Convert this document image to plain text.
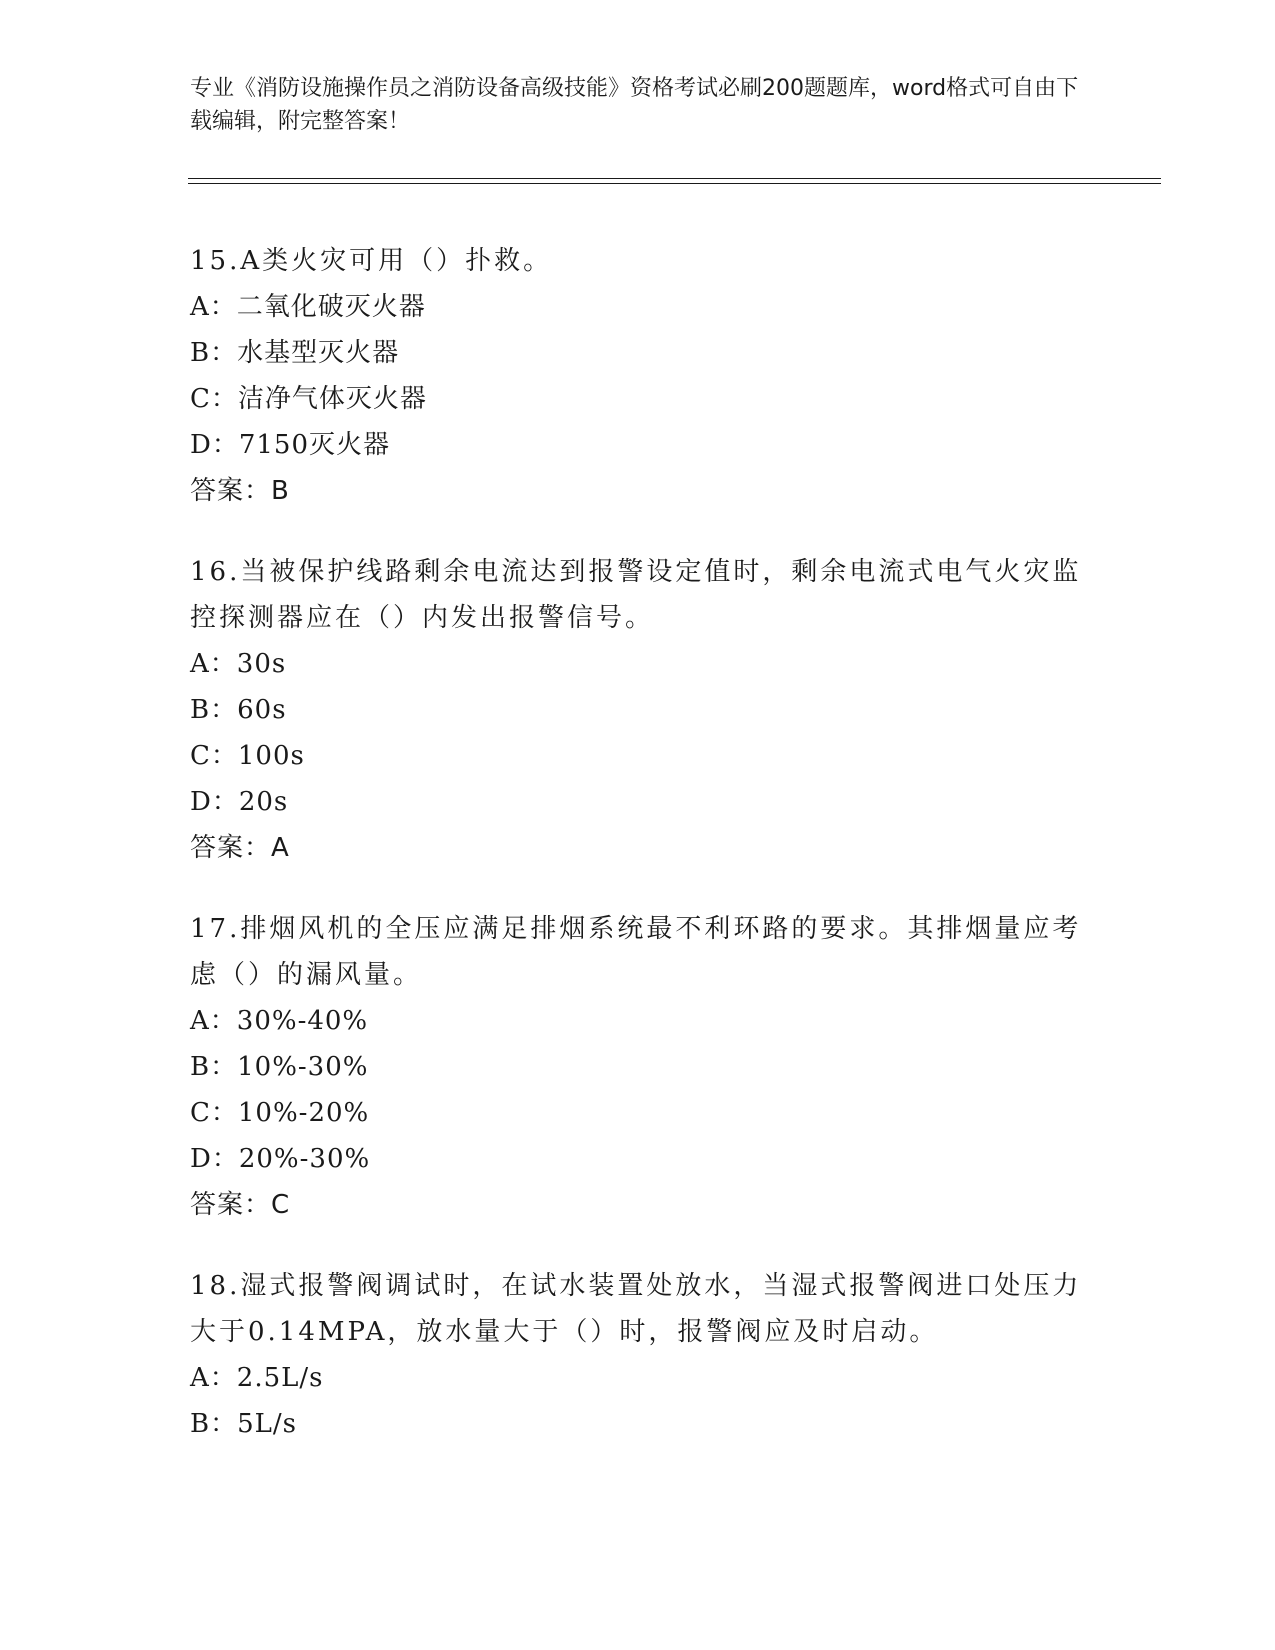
专业《消防设施操作员之消防设备高级技能》资格考试必刷200题题库，word格式可自由下载编辑，附完整答案！

15.A类火灾可用（）扑救。

A：二氧化破灭火器

B：水基型灭火器

C：洁净气体灭火器

D：7150灭火器

答案：B

16.当被保护线路剩余电流达到报警设定值时，剩余电流式电气火灾监控探测器应在（）内发出报警信号。

A：30s

B：60s

C：100s

D：20s

答案：A

17.排烟风机的全压应满足排烟系统最不利环路的要求。其排烟量应考虑（）的漏风量。

A：30%-40%

B：10%-30%

C：10%-20%

D：20%-30%

答案：C

18.湿式报警阀调试时，在试水装置处放水，当湿式报警阀进口处压力大于0.14MPA，放水量大于（）时，报警阀应及时启动。

A：2.5L/s

B：5L/s
